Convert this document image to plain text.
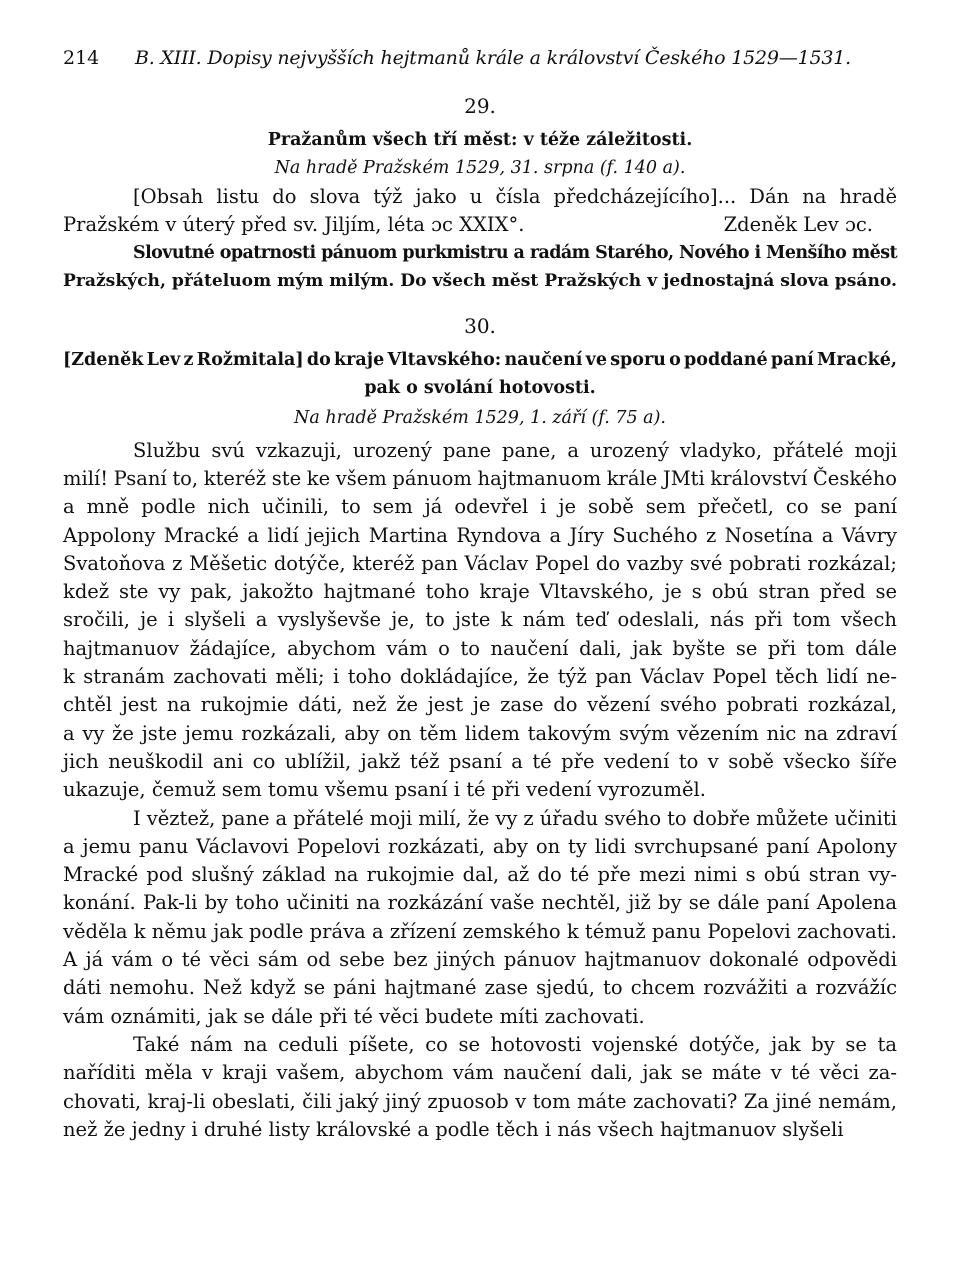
214	B. XIII. Dopisy nejvyšších hejtmanů krále a království Českého 1529—1531.
29.
Pražanům všech tří měst: v téže záležitosti.
Na hradě Pražském 1529, 31. srpna (f. 140 a).
[Obsah listu do slova týž jako u čísla předcházejícího]... Dán na hradě
Pražském v úterý před sv. Jiljím, léta ɔc XXIX°.	Zdeněk Lev ɔc.
Slovutné opatrnosti pánuom purkmistru a radám Starého, Nového i Menšího měst
Pražských, přáteluom mým milým. Do všech měst Pražských v jednostajná slova psáno.
30.
[Zdeněk Lev z Rožmitala] do kraje Vltavského: naučení ve sporu o poddané paní Mracké,
pak o svolání hotovosti.
Na hradě Pražském 1529, 1. září (f. 75 a).
Službu svú vzkazuji, urozený pane pane, a urozený vladyko, přátelé moji
milí! Psaní to, kteréž ste ke všem pánuom hajtmanuom krále JMti království Českého
a mně podle nich učinili, to sem já odevřel i je sobě sem přečetl, co se paní
Appolony Mracké a lidí jejich Martina Ryndova a Jíry Suchého z Nosetína a Vávry
Svatoňova z Měšetic dotýče, kteréž pan Václav Popel do vazby své pobrati rozkázal;
kdež ste vy pak, jakožto hajtmané toho kraje Vltavského, je s obú stran před se
sročili, je i slyšeli a vyslyševše je, to jste k nám teď odeslali, nás při tom všech
hajtmanuov žádajíce, abychom vám o to naučení dali, jak byšte se při tom dále
k stranám zachovati měli; i toho dokládajíce, že týž pan Václav Popel těch lidí ne-
chtěl jest na rukojmie dáti, než že jest je zase do vězení svého pobrati rozkázal,
a vy že jste jemu rozkázali, aby on těm lidem takovým svým vězením nic na zdraví
jich neuškodil ani co ublížil, jakž též psaní a té pře vedení to v sobě všecko šíře
ukazuje, čemuž sem tomu všemu psaní i té při vedení vyrozuměl.
I věztež, pane a přátelé moji milí, že vy z úřadu svého to dobře můžete učiniti
a jemu panu Václavovi Popelovi rozkázati, aby on ty lidi svrchupsané paní Apolony
Mracké pod slušný základ na rukojmie dal, až do té pře mezi nimi s obú stran vy-
konání. Pak-li by toho učiniti na rozkázání vaše nechtěl, již by se dále paní Apolena
věděla k němu jak podle práva a zřízení zemského k témuž panu Popelovi zachovati.
A já vám o té věci sám od sebe bez jiných pánuov hajtmanuov dokonalé odpovědi
dáti nemohu. Než když se páni hajtmané zase sjedú, to chcem rozvážiti a rozvážíc
vám oznámiti, jak se dále při té věci budete míti zachovati.
Také nám na ceduli píšete, co se hotovosti vojenské dotýče, jak by se ta
naříditi měla v kraji vašem, abychom vám naučení dali, jak se máte v té věci za-
chovati, kraj-li obeslati, čili jaký jiný zpuosob v tom máte zachovati? Za jiné nemám,
než že jedny i druhé listy královské a podle těch i nás všech hajtmanuov slyšeli
